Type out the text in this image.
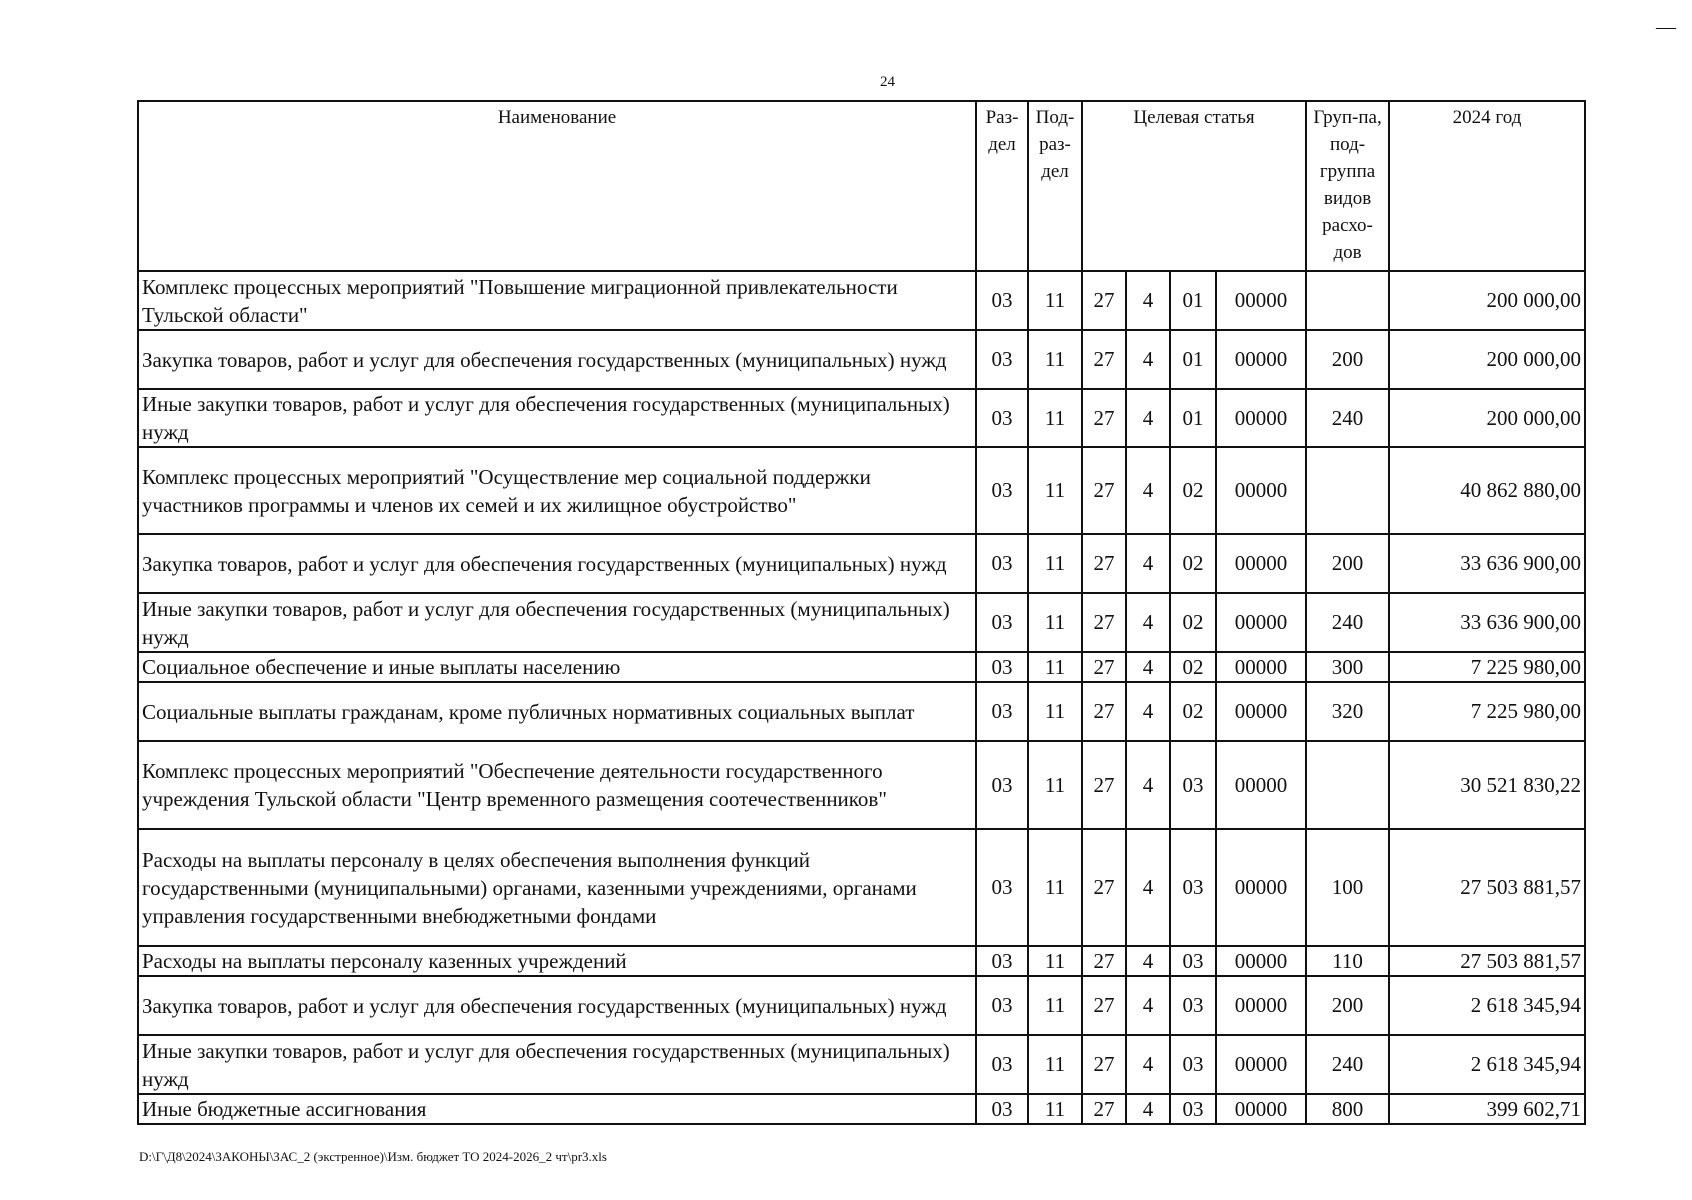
—
24
Наименование	Раз-дел	Под-раз-дел	Целевая статья				Груп-па, под-группа видов расхо-дов	2024 год
Комплекс процессных мероприятий "Повышение миграционной привлекательности Тульской области"	03	11	27	4	01	00000		200 000,00
Закупка товаров, работ и услуг для обеспечения государственных (муниципальных) нужд	03	11	27	4	01	00000	200	200 000,00
Иные закупки товаров, работ и услуг для обеспечения государственных (муниципальных) нужд	03	11	27	4	01	00000	240	200 000,00
Комплекс процессных мероприятий "Осуществление мер социальной поддержки участников программы и членов их семей и их жилищное обустройство"	03	11	27	4	02	00000		40 862 880,00
Закупка товаров, работ и услуг для обеспечения государственных (муниципальных) нужд	03	11	27	4	02	00000	200	33 636 900,00
Иные закупки товаров, работ и услуг для обеспечения государственных (муниципальных) нужд	03	11	27	4	02	00000	240	33 636 900,00
Социальное обеспечение и иные выплаты населению	03	11	27	4	02	00000	300	7 225 980,00
Социальные выплаты гражданам, кроме публичных нормативных социальных выплат	03	11	27	4	02	00000	320	7 225 980,00
Комплекс процессных мероприятий "Обеспечение деятельности государственного учреждения Тульской области "Центр временного размещения соотечественников"	03	11	27	4	03	00000		30 521 830,22
Расходы на выплаты персоналу в целях обеспечения выполнения функций государственными (муниципальными) органами, казенными учреждениями, органами управления государственными внебюджетными фондами	03	11	27	4	03	00000	100	27 503 881,57
Расходы на выплаты персоналу казенных учреждений	03	11	27	4	03	00000	110	27 503 881,57
Закупка товаров, работ и услуг для обеспечения государственных (муниципальных) нужд	03	11	27	4	03	00000	200	2 618 345,94
Иные закупки товаров, работ и услуг для обеспечения государственных (муниципальных) нужд	03	11	27	4	03	00000	240	2 618 345,94
Иные бюджетные ассигнования	03	11	27	4	03	00000	800	399 602,71
D:\Г\Д8\2024\ЗАКОНЫ\ЗАС_2 (экстренное)\Изм. бюджет ТО 2024-2026_2 чт\pr3.xls
